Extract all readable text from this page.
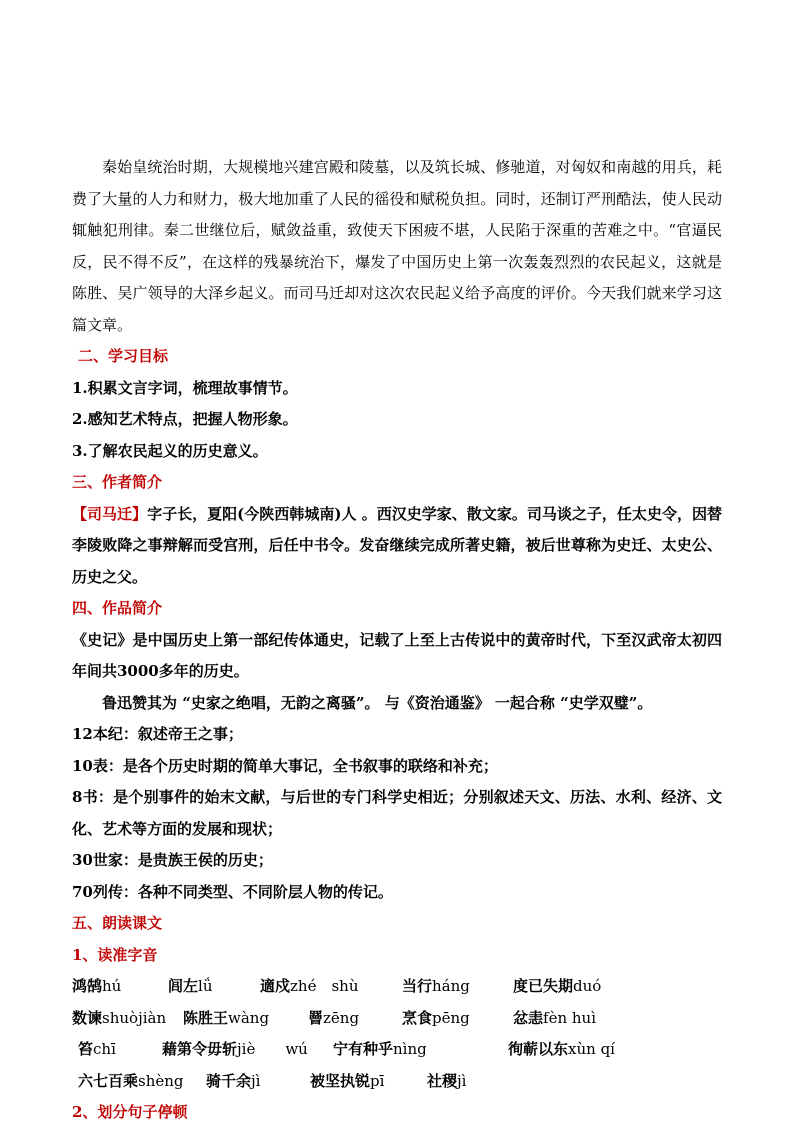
秦始皇统治时期，大规模地兴建宫殿和陵墓，以及筑长城、修驰道，对匈奴和南越的用兵，耗费了大量的人力和财力，极大地加重了人民的徭役和赋税负担。同时，还制订严刑酷法，使人民动辄触犯刑律。秦二世继位后，赋敛益重，致使天下困疲不堪，人民陷于深重的苦难之中。“官逼民反，民不得不反”，在这样的残暴统治下，爆发了中国历史上第一次轰轰烈烈的农民起义，这就是陈胜、吴广领导的大泽乡起义。而司马迁却对这次农民起义给予高度的评价。今天我们就来学习这篇文章。

二、学习目标

1.积累文言字词，梳理故事情节。

2.感知艺术特点，把握人物形象。

3.了解农民起义的历史意义。

三、作者简介

【司马迁】字子长，夏阳(今陕西韩城南)人 。西汉史学家、散文家。司马谈之子，任太史令，因替李陵败降之事辩解而受宫刑，后任中书令。发奋继续完成所著史籍，被后世尊称为史迁、太史公、历史之父。

四、作品简介

《史记》是中国历史上第一部纪传体通史，记载了上至上古传说中的黄帝时代，下至汉武帝太初四年间共3000多年的历史。

鲁迅赞其为 “史家之绝唱，无韵之离骚”。 与《资治通鉴》 一起合称 “史学双璧”。

12本纪：叙述帝王之事；

10表：是各个历史时期的简单大事记，全书叙事的联络和补充；

8书：是个别事件的始末文献，与后世的专门科学史相近；分别叙述天文、历法、水利、经济、文化、艺术等方面的发展和现状；

30世家：是贵族王侯的历史；

70列传：各种不同类型、不同阶层人物的传记。

五、朗读课文

1、读准字音

鸿鹄hú	闾左lǘ	適戍zhé　shù	当行háng	度已失期duó
数谏shuòjiàn 陈胜王wàng	罾zēng	烹食pēng	忿恚fèn huì
笞chī	藉第令毋斩jiè　　wú 宁有种乎nìng	徇蕲以东xùn qí
六七百乘shèng 骑千余jì	被坚执锐pī	社稷jì

2、划分句子停顿
